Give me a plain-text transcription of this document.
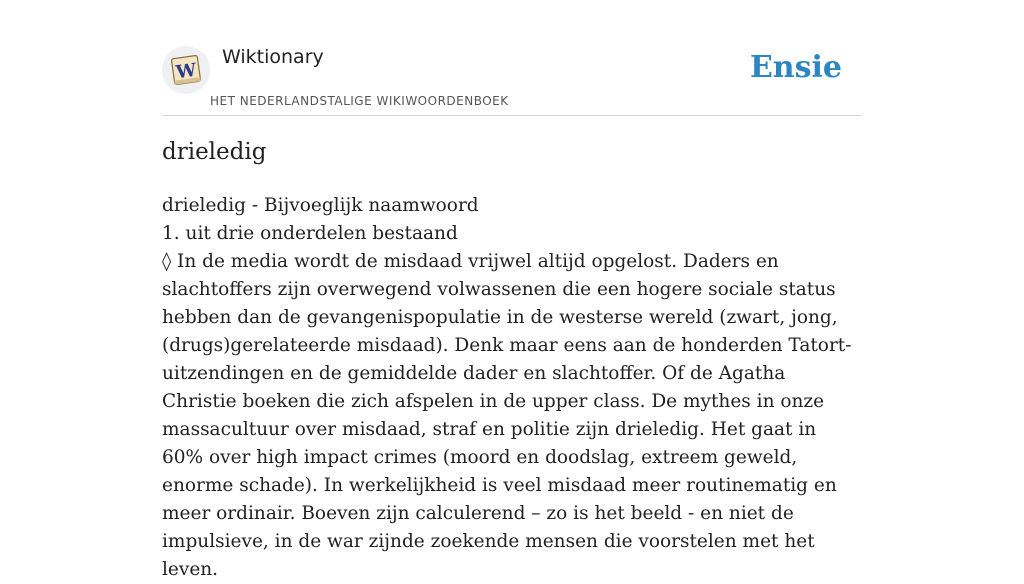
W
Wiktionary
HET NEDERLANDSTALIGE WIKIWOORDENBOEK
Ensie
drieledig

drieledig - Bijvoeglijk naamwoord

1. uit drie onderdelen bestaand

◊ In de media wordt de misdaad vrijwel altijd opgelost. Daders en slachtoffers zijn overwegend volwassenen die een hogere sociale status hebben dan de gevangenispopulatie in de westerse wereld (zwart, jong, (drugs)gerelateerde misdaad). Denk maar eens aan de honderden Tatort-uitzendingen en de gemiddelde dader en slachtoffer. Of de Agatha Christie boeken die zich afspelen in de upper class. De mythes in onze massacultuur over misdaad, straf en politie zijn drieledig. Het gaat in 60% over high impact crimes (moord en doodslag, extreem geweld, enorme schade). In werkelijkheid is veel misdaad meer routinematig en meer ordinair. Boeven zijn calculerend – zo is het beeld - en niet de impulsieve, in de war zijnde zoekende mensen die voorstelen met het leven.
